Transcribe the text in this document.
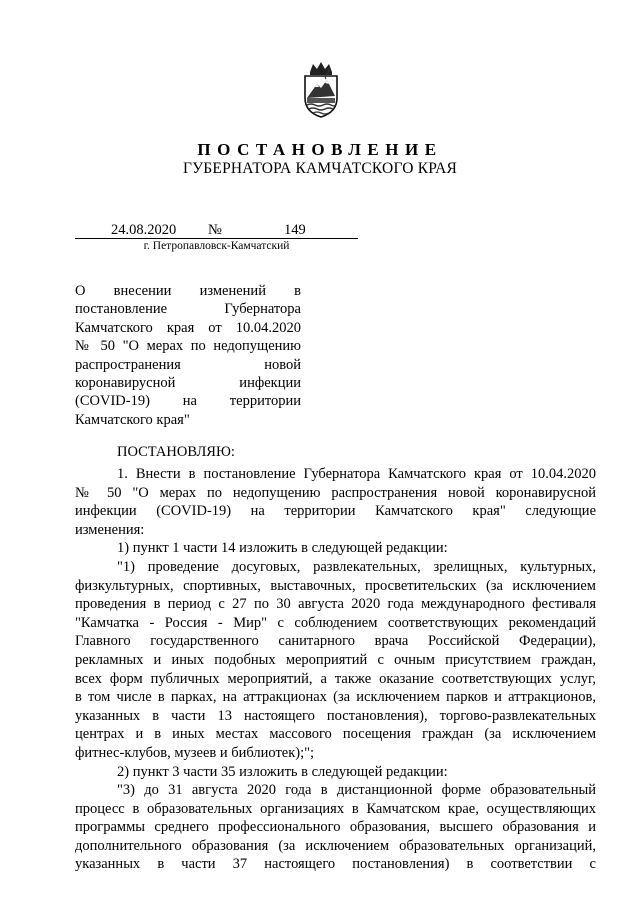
ПОСТАНОВЛЕНИЕ
ГУБЕРНАТОРА КАМЧАТСКОГО КРАЯ
24.08.2020 №	149
г. Петропавловск-Камчатский
О внесении изменений в
постановление Губернатора
Камчатского края от 10.04.2020
№ 50 "О мерах по недопущению
распространения новой
коронавирусной инфекции
(COVID-19) на территории
Камчатского края"
ПОСТАНОВЛЯЮ:
1. Внести в постановление Губернатора Камчатского края от 10.04.2020
№ 50 "О мерах по недопущению распространения новой коронавирусной
инфекции (COVID-19) на территории Камчатского края" следующие
изменения:
1) пункт 1 части 14 изложить в следующей редакции:
"1) проведение досуговых, развлекательных, зрелищных, культурных,
физкультурных, спортивных, выставочных, просветительских (за исключением
проведения в период с 27 по 30 августа 2020 года международного фестиваля
"Камчатка - Россия - Мир" с соблюдением соответствующих рекомендаций
Главного государственного санитарного врача Российской Федерации),
рекламных и иных подобных мероприятий с очным присутствием граждан,
всех форм публичных мероприятий, а также оказание соответствующих услуг,
в том числе в парках, на аттракционах (за исключением парков и аттракционов,
указанных в части 13 настоящего постановления), торгово-развлекательных
центрах и в иных местах массового посещения граждан (за исключением
фитнес-клубов, музеев и библиотек);";
2) пункт 3 части 35 изложить в следующей редакции:
"3) до 31 августа 2020 года в дистанционной форме образовательный
процесс в образовательных организациях в Камчатском крае, осуществляющих
программы среднего профессионального образования, высшего образования и
дополнительного образования (за исключением образовательных организаций,
указанных в части 37 настоящего постановления) в соответствии с
